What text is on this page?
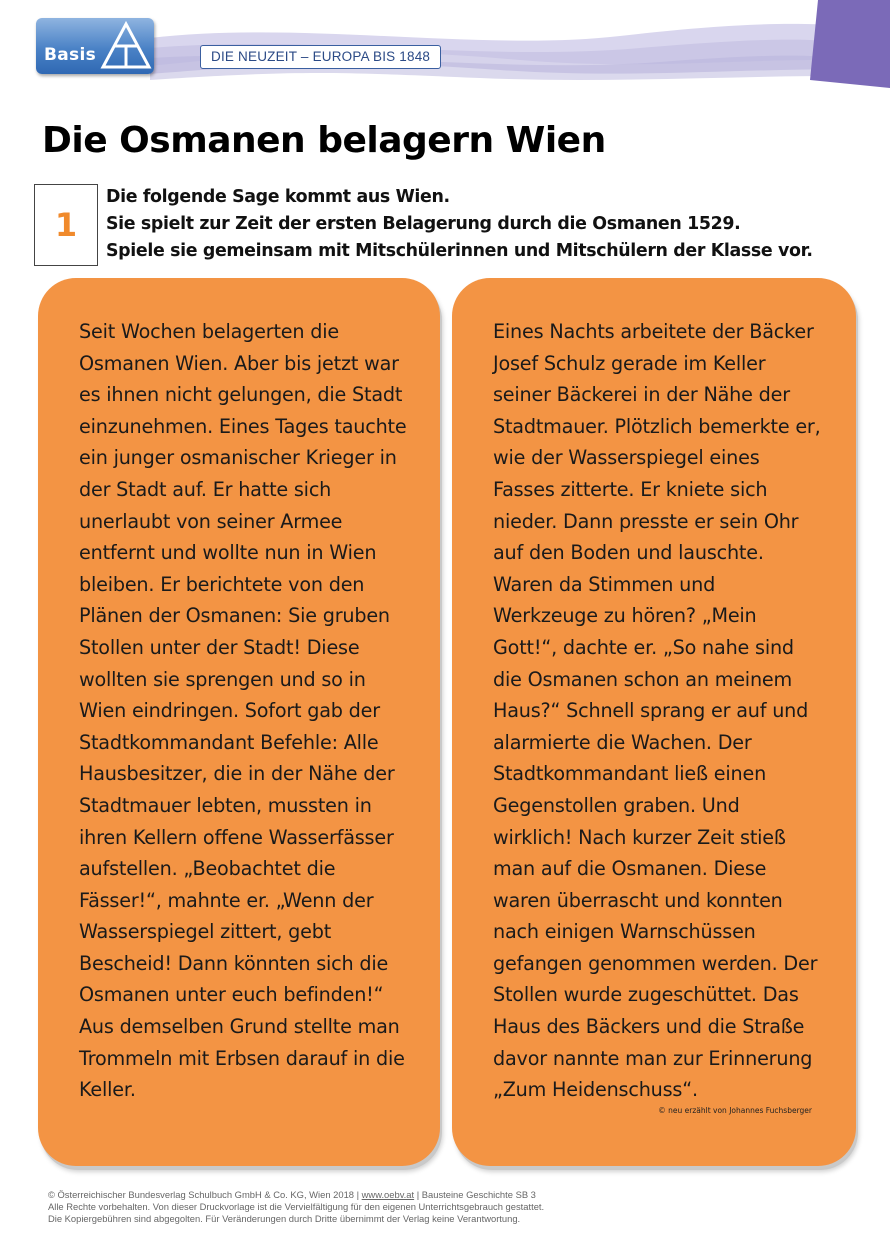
Basis	DIE NEUZEIT – EUROPA BIS 1848
Die Osmanen belagern Wien
1
Die folgende Sage kommt aus Wien.
Sie spielt zur Zeit der ersten Belagerung durch die Osmanen 1529.
Spiele sie gemeinsam mit Mitschülerinnen und Mitschülern der Klasse vor.
Seit Wochen belagerten die
Osmanen Wien. Aber bis jetzt war
es ihnen nicht gelungen, die Stadt
einzunehmen. Eines Tages tauchte
ein junger osmanischer Krieger in
der Stadt auf. Er hatte sich
unerlaubt von seiner Armee
entfernt und wollte nun in Wien
bleiben. Er berichtete von den
Plänen der Osmanen: Sie gruben
Stollen unter der Stadt! Diese
wollten sie sprengen und so in
Wien eindringen. Sofort gab der
Stadtkommandant Befehle: Alle
Hausbesitzer, die in der Nähe der
Stadtmauer lebten, mussten in
ihren Kellern offene Wasserfässer
aufstellen. „Beobachtet die
Fässer!“, mahnte er. „Wenn der
Wasserspiegel zittert, gebt
Bescheid! Dann könnten sich die
Osmanen unter euch befinden!“
Aus demselben Grund stellte man
Trommeln mit Erbsen darauf in die
Keller.
Eines Nachts arbeitete der Bäcker
Josef Schulz gerade im Keller
seiner Bäckerei in der Nähe der
Stadtmauer. Plötzlich bemerkte er,
wie der Wasserspiegel eines
Fasses zitterte. Er kniete sich
nieder. Dann presste er sein Ohr
auf den Boden und lauschte.
Waren da Stimmen und
Werkzeuge zu hören? „Mein
Gott!“, dachte er. „So nahe sind
die Osmanen schon an meinem
Haus?“ Schnell sprang er auf und
alarmierte die Wachen. Der
Stadtkommandant ließ einen
Gegenstollen graben. Und
wirklich! Nach kurzer Zeit stieß
man auf die Osmanen. Diese
waren überrascht und konnten
nach einigen Warnschüssen
gefangen genommen werden. Der
Stollen wurde zugeschüttet. Das
Haus des Bäckers und die Straße
davor nannte man zur Erinnerung
„Zum Heidenschuss“.
© neu erzählt von Johannes Fuchsberger
© Österreichischer Bundesverlag Schulbuch GmbH & Co. KG, Wien 2018 | www.oebv.at | Bausteine Geschichte SB 3
Alle Rechte vorbehalten. Von dieser Druckvorlage ist die Vervielfältigung für den eigenen Unterrichtsgebrauch gestattet.
Die Kopiergebühren sind abgegolten. Für Veränderungen durch Dritte übernimmt der Verlag keine Verantwortung.
